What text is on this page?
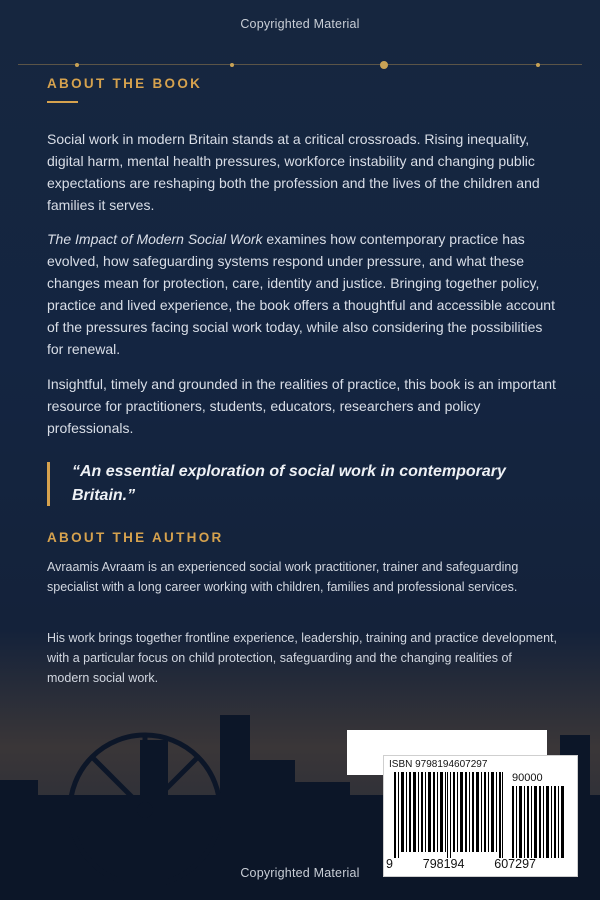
Copyrighted Material
ABOUT THE BOOK

Social work in modern Britain stands at a critical crossroads. Rising inequality, digital harm, mental health pressures, workforce instability and changing public expectations are reshaping both the profession and the lives of the children and families it serves.

The Impact of Modern Social Work examines how contemporary practice has evolved, how safeguarding systems respond under pressure, and what these changes mean for protection, care, identity and justice. Bringing together policy, practice and lived experience, the book offers a thoughtful and accessible account of the pressures facing social work today, while also considering the possibilities for renewal.

Insightful, timely and grounded in the realities of practice, this book is an important resource for practitioners, students, educators, researchers and policy professionals.

“An essential exploration of social work in contemporary Britain.”
ABOUT THE AUTHOR

Avraamis Avraam is an experienced social work practitioner, trainer and safeguarding specialist with a long career working with children, families and professional services.

His work brings together frontline experience, leadership, training and practice development, with a particular focus on child protection, safeguarding and the changing realities of modern social work.

ISBN 9798194607297
90000
9 798194 607297
Copyrighted Material
